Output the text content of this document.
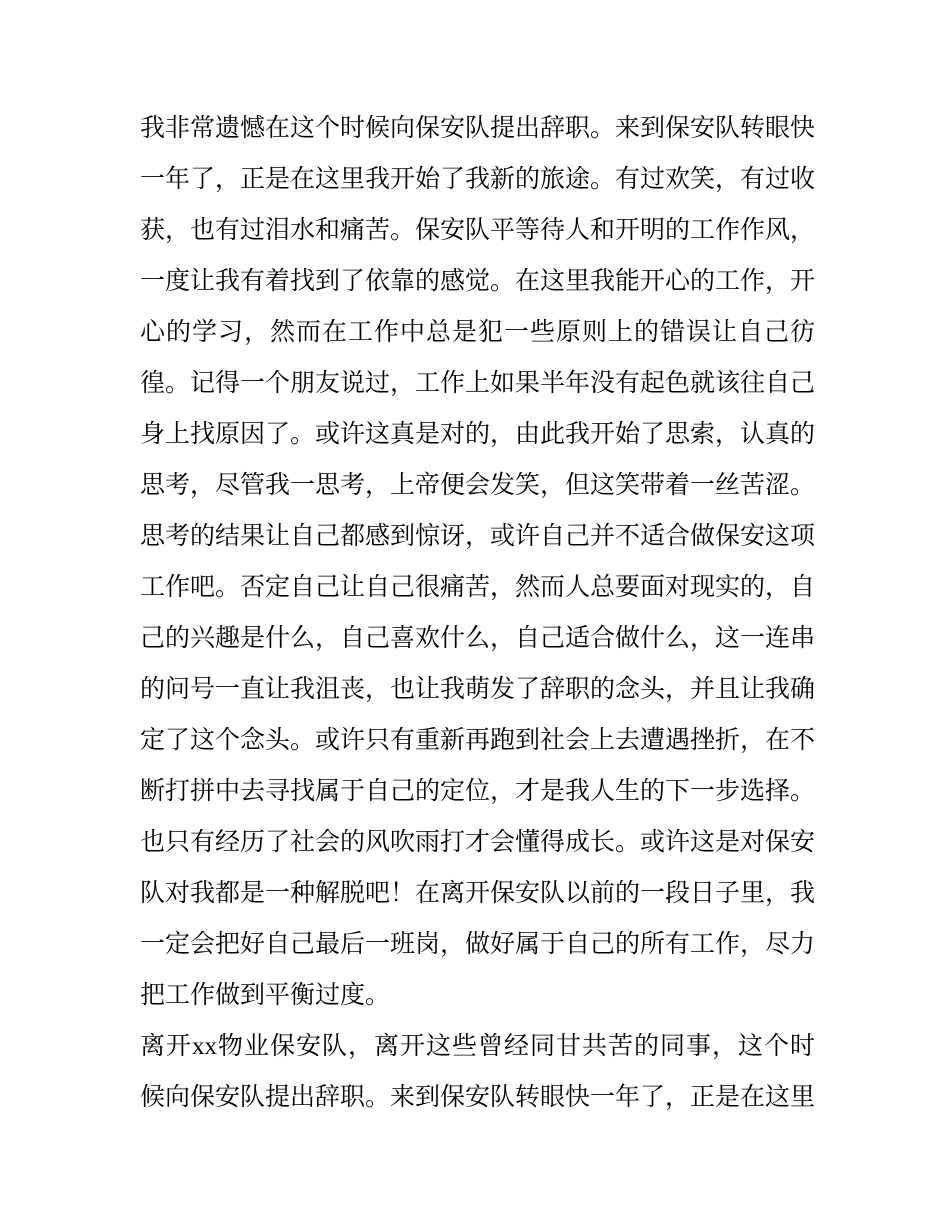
我非常遗憾在这个时候向保安队提出辞职。来到保安队转眼快
一年了，正是在这里我开始了我新的旅途。有过欢笑，有过收
获，也有过泪水和痛苦。保安队平等待人和开明的工作作风，
一度让我有着找到了依靠的感觉。在这里我能开心的工作，开
心的学习，然而在工作中总是犯一些原则上的错误让自己彷
徨。记得一个朋友说过，工作上如果半年没有起色就该往自己
身上找原因了。或许这真是对的，由此我开始了思索，认真的
思考，尽管我一思考，上帝便会发笑，但这笑带着一丝苦涩。
思考的结果让自己都感到惊讶，或许自己并不适合做保安这项
工作吧。否定自己让自己很痛苦，然而人总要面对现实的，自
己的兴趣是什么，自己喜欢什么，自己适合做什么，这一连串
的问号一直让我沮丧，也让我萌发了辞职的念头，并且让我确
定了这个念头。或许只有重新再跑到社会上去遭遇挫折，在不
断打拼中去寻找属于自己的定位，才是我人生的下一步选择。
也只有经历了社会的风吹雨打才会懂得成长。或许这是对保安
队对我都是一种解脱吧！在离开保安队以前的一段日子里，我
一定会把好自己最后一班岗，做好属于自己的所有工作，尽力
把工作做到平衡过度。
离开xx物业保安队，离开这些曾经同甘共苦的同事，这个时
候向保安队提出辞职。来到保安队转眼快一年了，正是在这里
